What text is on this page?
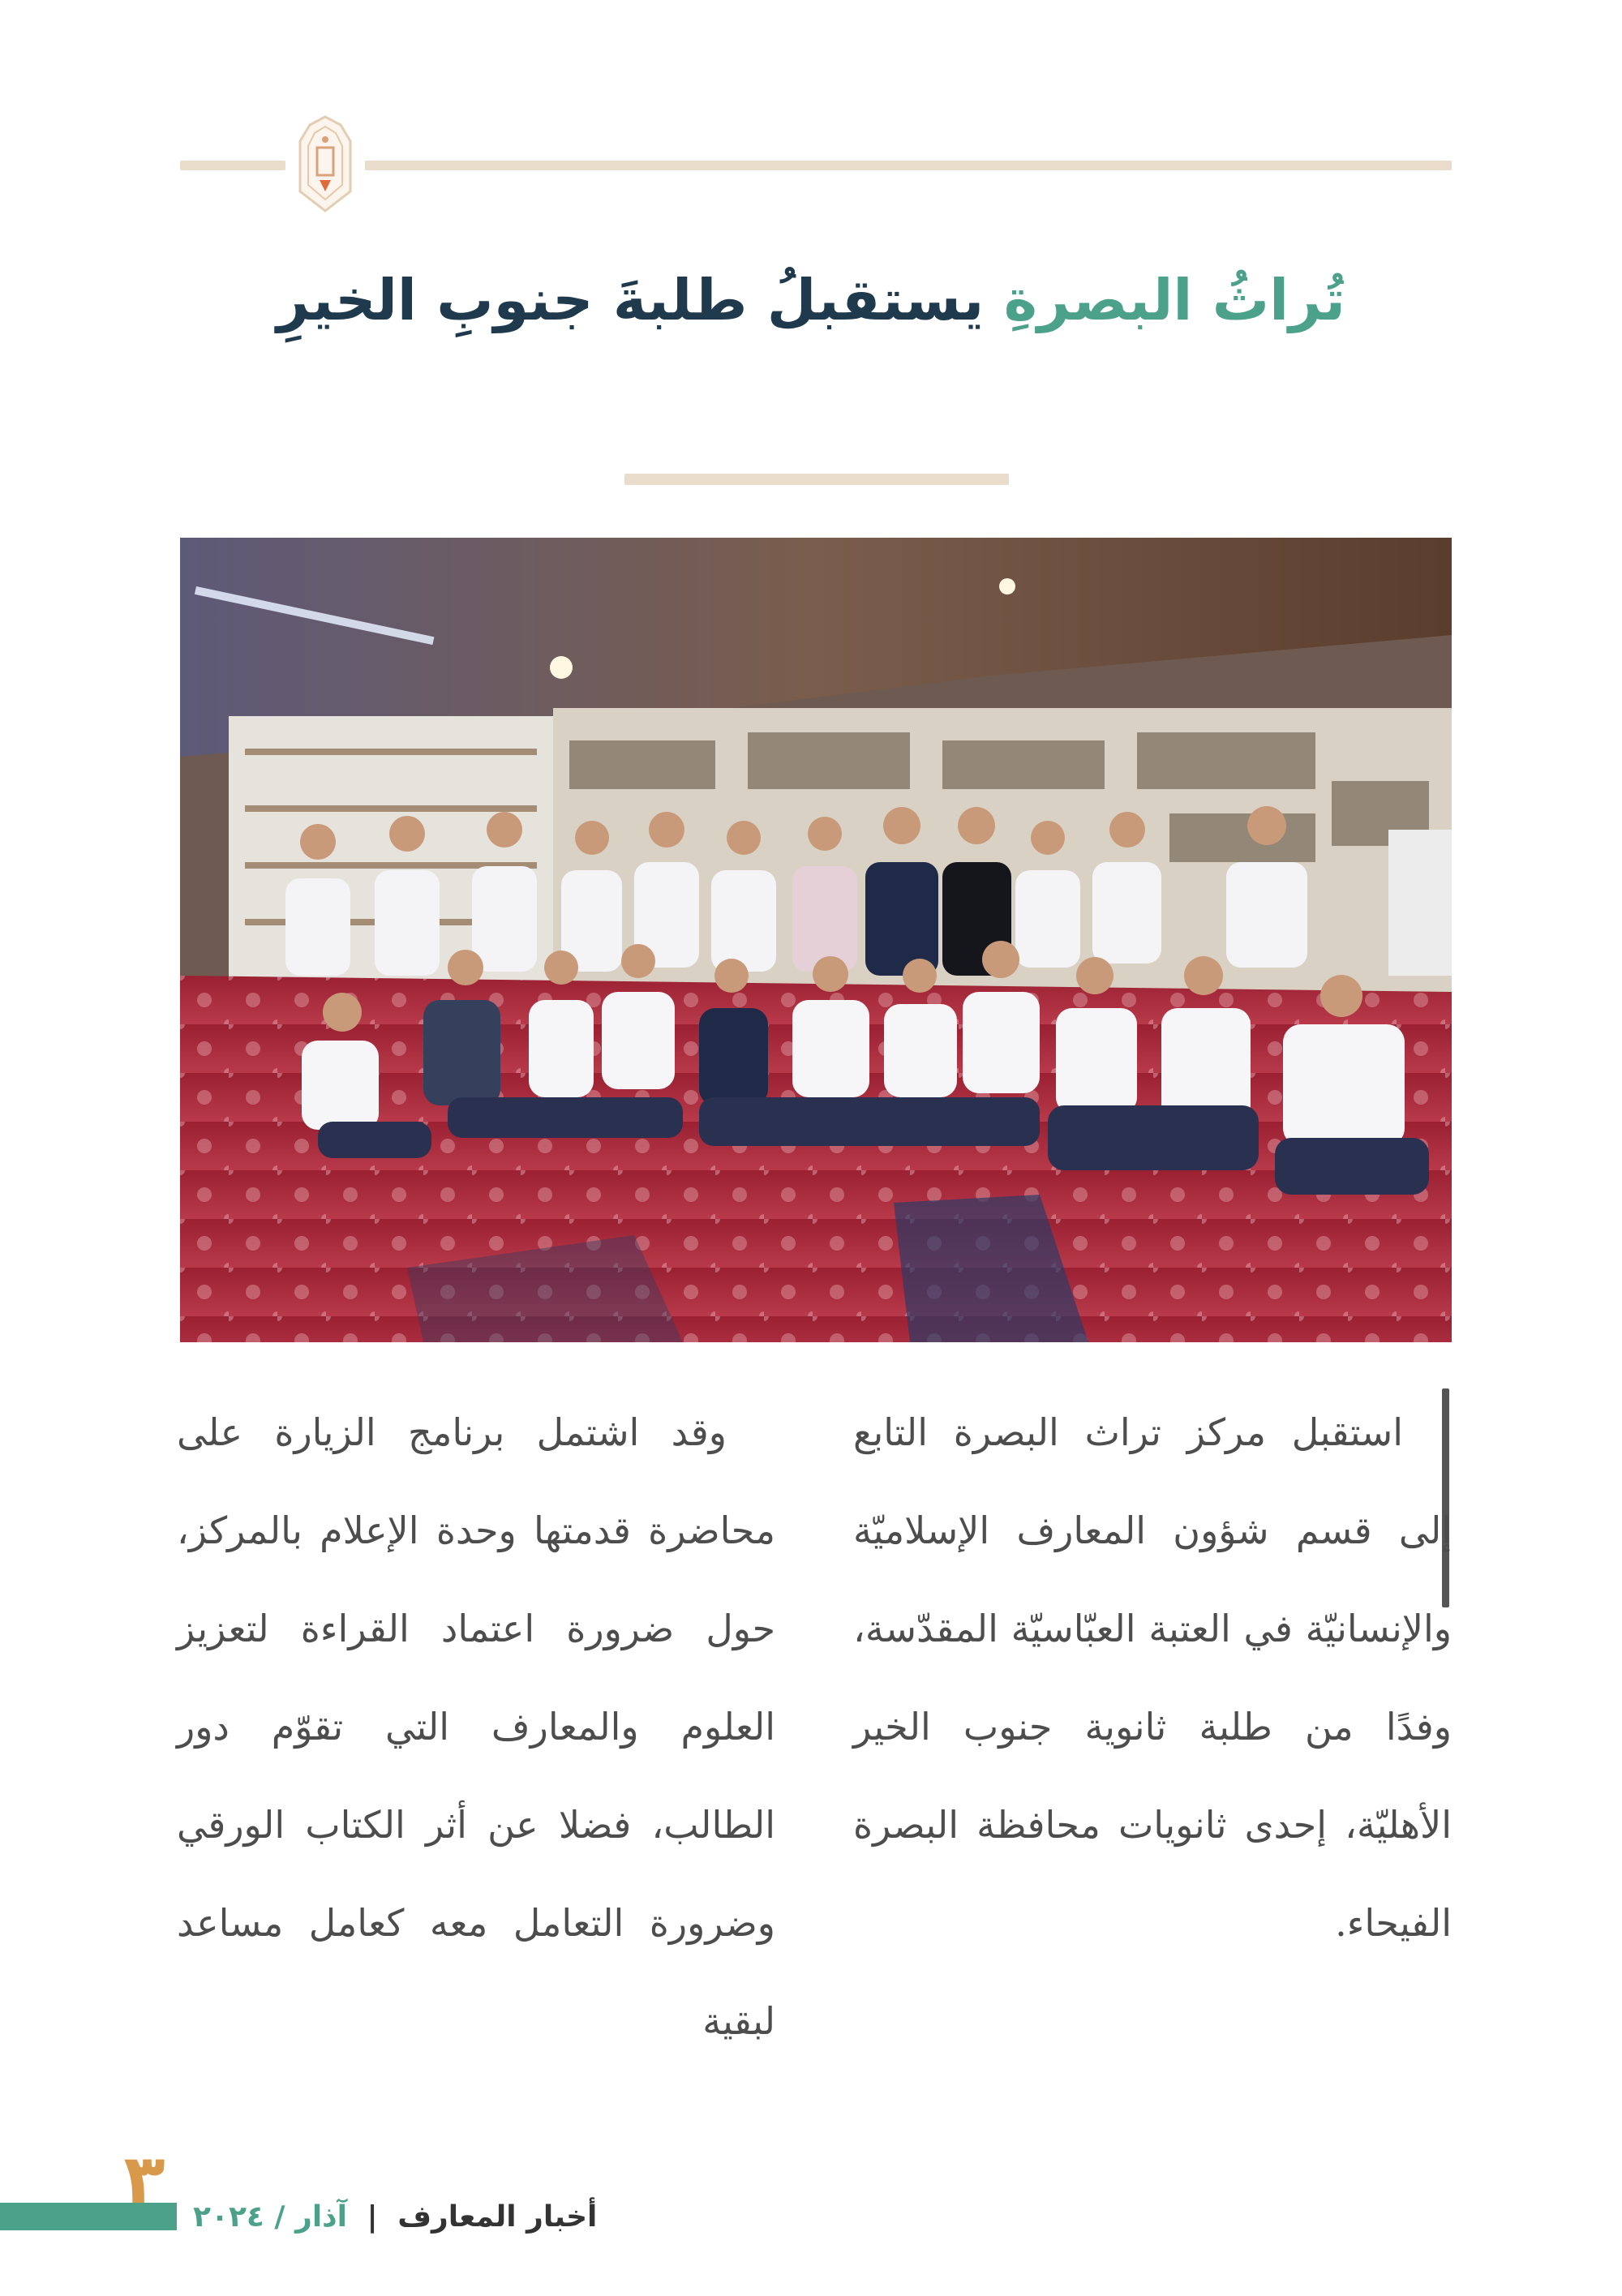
تُراثُ البصرةِ يستقبلُ طلبةَ جنوبِ الخيرِ
استقبل مركز تراث البصرة التابع إلى قسم شؤون المعارف الإسلاميّة والإنسانيّة في العتبة العبّاسيّة المقدّسة، وفدًا من طلبة ثانوية جنوب الخير الأهليّة، إحدى ثانويات محافظة البصرة الفيحاء.
وقد اشتمل برنامج الزيارة على محاضرة قدمتها وحدة الإعلام بالمركز، حول ضرورة اعتماد القراءة لتعزيز العلوم والمعارف التي تقوّم دور الطالب، فضلا عن أثر الكتاب الورقي وضرورة التعامل معه كعامل مساعد لبقية
٣	أخبار المعارف | آذار / ٢٠٢٤
